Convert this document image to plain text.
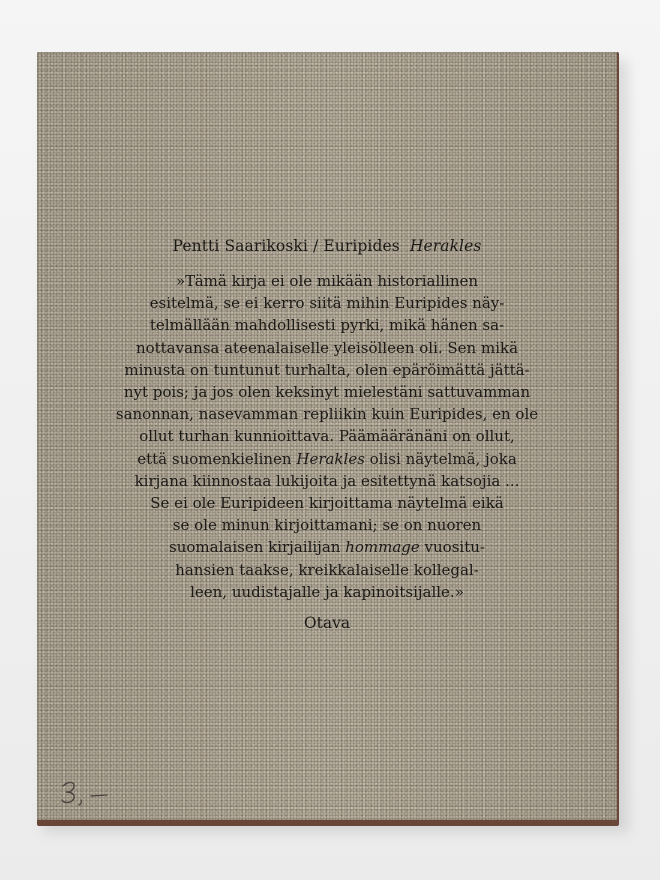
Pentti Saarikoski / Euripides Herakles
»Tämä kirja ei ole mikään historiallinen
esitelmä, se ei kerro siitä mihin Euripides näy-
telmällään mahdollisesti pyrki, mikä hänen sa-
nottavansa ateenalaiselle yleisölleen oli. Sen mikä
minusta on tuntunut turhalta, olen epäröimättä jättä-
nyt pois; ja jos olen keksinyt mielestäni sattuvamman
sanonnan, nasevamman repliikin kuin Euripides, en ole
ollut turhan kunnioittava. Päämääränäni on ollut,
että suomenkielinen Herakles olisi näytelmä, joka
kirjana kiinnostaa lukijoita ja esitettynä katsojia ...
Se ei ole Euripideen kirjoittama näytelmä eikä
se ole minun kirjoittamani; se on nuoren
suomalaisen kirjailijan hommage vuositu-
hansien taakse, kreikkalaiselle kollegal-
leen, uudistajalle ja kapinoitsijalle.»
Otava
